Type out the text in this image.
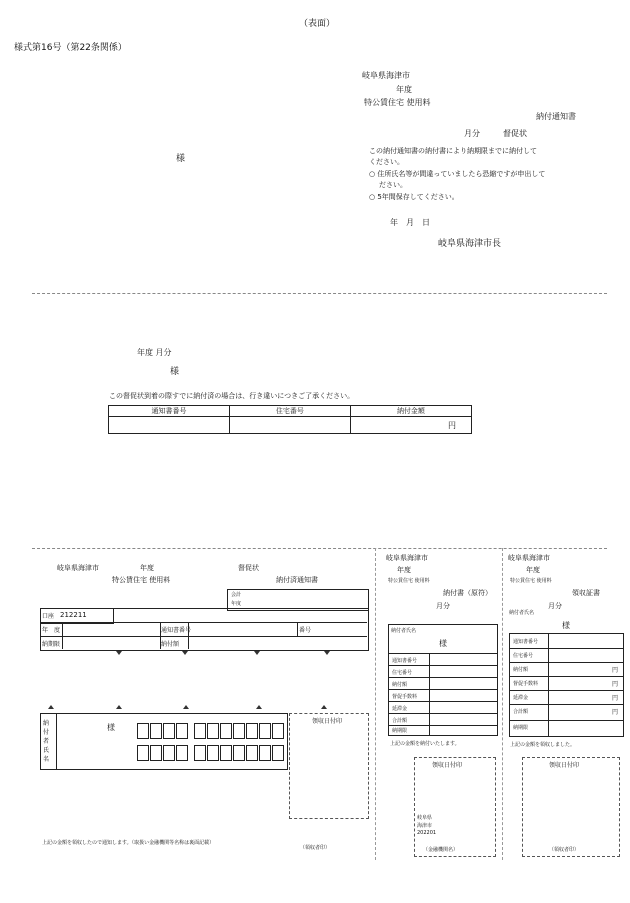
（表面）
様式第16号（第22条関係）
岐阜県海津市
年度
特公賃住宅 使用料
納付通知書
月分	督促状
様
この納付通知書の納付書により納期限までに納付して
ください。
○ 住所氏名等が間違っていましたら恐縮ですが申出して
ださい。
○ 5年間保存してください。
年　月　日
岐阜県海津市長
年度 月分
様
この督促状到着の際すでに納付済の場合は、行き違いにつきご了承ください。
通知書番号	住宅番号	納付金額
		円
岐阜県海津市	年度	督促状
特公賃住宅 使用料	納付済通知書
会計
年度
口座 212211
年　度	通知書番号	番号
納期限	納付額
納付者氏名
様
領収日付印
上記の金額を領収したので通知します。（取扱い金融機関等名称は裏面記載）
（領収者印）
岐阜県海津市
年度
特公賃住宅 使用料
納付書（原符）
月分
納付者氏名
様
通知書番号
住宅番号
納付額
督促手数料
延滞金
合計額
納期限
上記の金額を納付いたします。
領収日付印
岐阜県
海津市
202201
（金融機関名）
岐阜県海津市
年度
特公賃住宅 使用料
領収証書
月分
納付者氏名
様
通知書番号
住宅番号
納付額	円
督促手数料	円
延滞金	円
合計額	円
納期限
上記の金額を領収しました。
領収日付印
（領収者印）
